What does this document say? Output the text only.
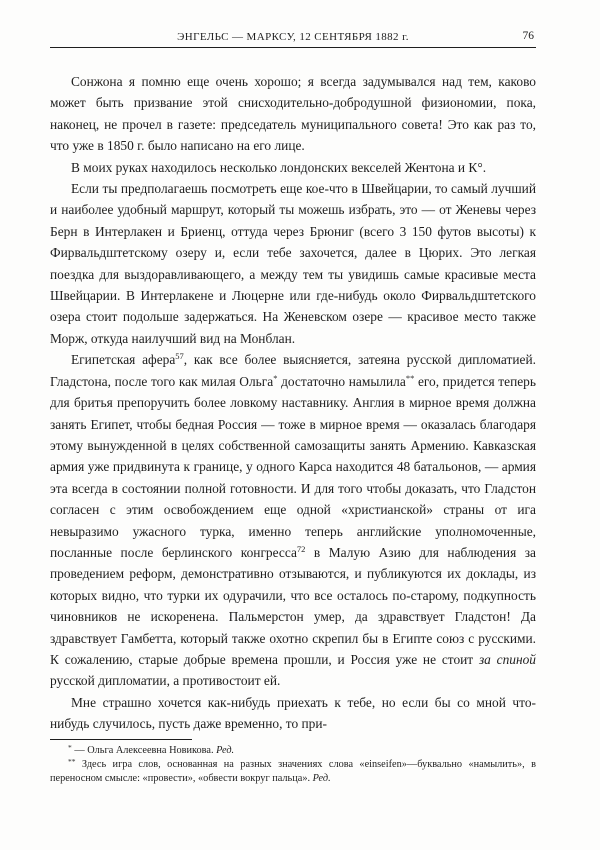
ЭНГЕЛЬС — МАРКСУ, 12 СЕНТЯБРЯ 1882 г.	76

Сонжона я помню еще очень хорошо; я всегда задумывался над тем, каково может быть призвание этой снисходительно-добродушной физиономии, пока, наконец, не прочел в газете: председатель муниципального совета! Это как раз то, что уже в 1850 г. было написано на его лице.

В моих руках находилось несколько лондонских векселей Жентона и К°.

Если ты предполагаешь посмотреть еще кое-что в Швейцарии, то самый лучший и наиболее удобный маршрут, который ты можешь избрать, это — от Женевы через Берн в Интерлакен и Бриенц, оттуда через Брюниг (всего 3 150 футов высоты) к Фирвальдштетскому озеру и, если тебе захочется, далее в Цюрих. Это легкая поездка для выздоравливающего, а между тем ты увидишь самые красивые места Швейцарии. В Интерлакене и Люцерне или где-нибудь около Фирвальдштетского озера стоит подольше задержаться. На Женевском озере — красивое место также Морж, откуда наилучший вид на Монблан.

Египетская афера$^{57}$, как все более выясняется, затеяна русской дипломатией. Гладстона, после того как милая Ольга* достаточно намылила** его, придется теперь для бритья препоручить более ловкому наставнику. Англия в мирное время должна занять Египет, чтобы бедная Россия — тоже в мирное время — оказалась благодаря этому вынужденной в целях собственной самозащиты занять Армению. Кавказская армия уже придвинута к границе, у одного Карса находится 48 батальонов, — армия эта всегда в состоянии полной готовности. И для того чтобы доказать, что Гладстон согласен с этим освобождением еще одной «христианской» страны от ига невыразимо ужасного турка, именно теперь английские уполномоченные, посланные после берлинского конгресса$^{72}$ в Малую Азию для наблюдения за проведением реформ, демонстративно отзываются, и публикуются их доклады, из которых видно, что турки их одурачили, что все осталось по-старому, подкупность чиновников не искоренена. Пальмерстон умер, да здравствует Гладстон! Да здравствует Гамбетта, который также охотно скрепил бы в Египте союз с русскими. К сожалению, старые добрые времена прошли, и Россия уже не стоит за спиной русской дипломатии, а противостоит ей.

Мне страшно хочется как-нибудь приехать к тебе, но если бы со мной что-нибудь случилось, пусть даже временно, то при-

* — Ольга Алексеевна Новикова. Ред.

** Здесь игра слов, основанная на разных значениях слова «einseifen»—буквально «намылить», в переносном смысле: «провести», «обвести вокруг пальца». Ред.
